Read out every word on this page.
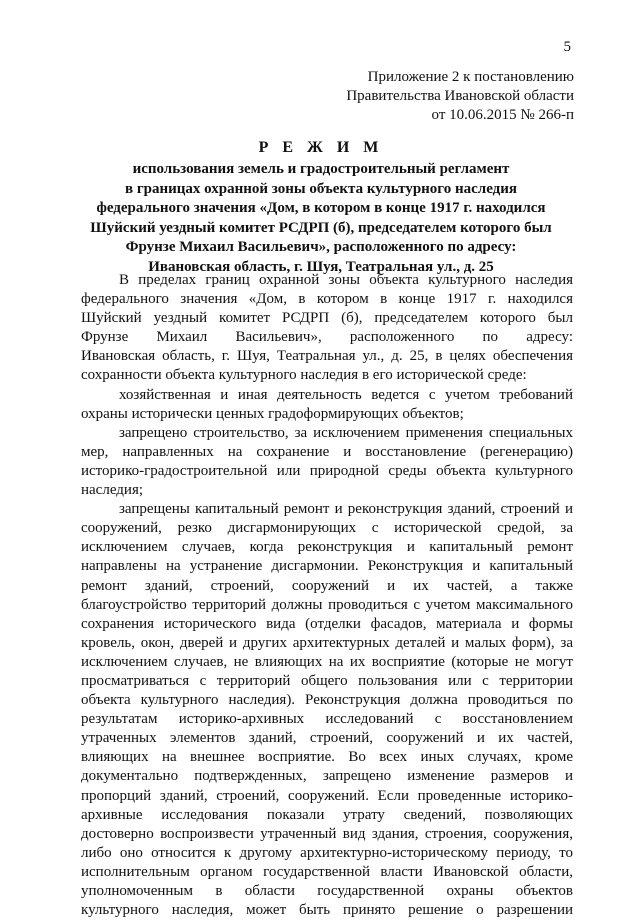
5
Приложение 2 к постановлению
Правительства Ивановской области
от 10.06.2015 № 266-п
Р Е Ж И М
использования земель и градостроительный регламент
в границах охранной зоны объекта культурного наследия
федерального значения «Дом, в котором в конце 1917 г. находился
Шуйский уездный комитет РСДРП (б), председателем которого был
Фрунзе Михаил Васильевич», расположенного по адресу:
Ивановская область, г. Шуя, Театральная ул., д. 25
В пределах границ охранной зоны объекта культурного наследия
федерального значения «Дом, в котором в конце 1917 г. находился
Шуйский уездный комитет РСДРП (б), председателем которого был
Фрунзе Михаил Васильевич», расположенного по адресу:
Ивановская область, г. Шуя, Театральная ул., д. 25, в целях обеспечения
сохранности объекта культурного наследия в его исторической среде:
хозяйственная и иная деятельность ведется с учетом требований
охраны исторически ценных градоформирующих объектов;
запрещено строительство, за исключением применения специальных
мер, направленных на сохранение и восстановление (регенерацию)
историко-градостроительной или природной среды объекта культурного
наследия;
запрещены капитальный ремонт и реконструкция зданий, строений и
сооружений, резко дисгармонирующих с исторической средой, за
исключением случаев, когда реконструкция и капитальный ремонт
направлены на устранение дисгармонии. Реконструкция и капитальный
ремонт зданий, строений, сооружений и их частей, а также
благоустройство территорий должны проводиться с учетом максимального
сохранения исторического вида (отделки фасадов, материала и формы
кровель, окон, дверей и других архитектурных деталей и малых форм), за
исключением случаев, не влияющих на их восприятие (которые не могут
просматриваться с территорий общего пользования или с территории
объекта культурного наследия). Реконструкция должна проводиться по
результатам историко-архивных исследований с восстановлением
утраченных элементов зданий, строений, сооружений и их частей,
влияющих на внешнее восприятие. Во всех иных случаях, кроме
документально подтвержденных, запрещено изменение размеров и
пропорций зданий, строений, сооружений. Если проведенные историко-
архивные исследования показали утрату сведений, позволяющих
достоверно воспроизвести утраченный вид здания, строения, сооружения,
либо оно относится к другому архитектурно-историческому периоду, то
исполнительным органом государственной власти Ивановской области,
уполномоченным в области государственной охраны объектов
культурного наследия, может быть принято решение о разрешении
